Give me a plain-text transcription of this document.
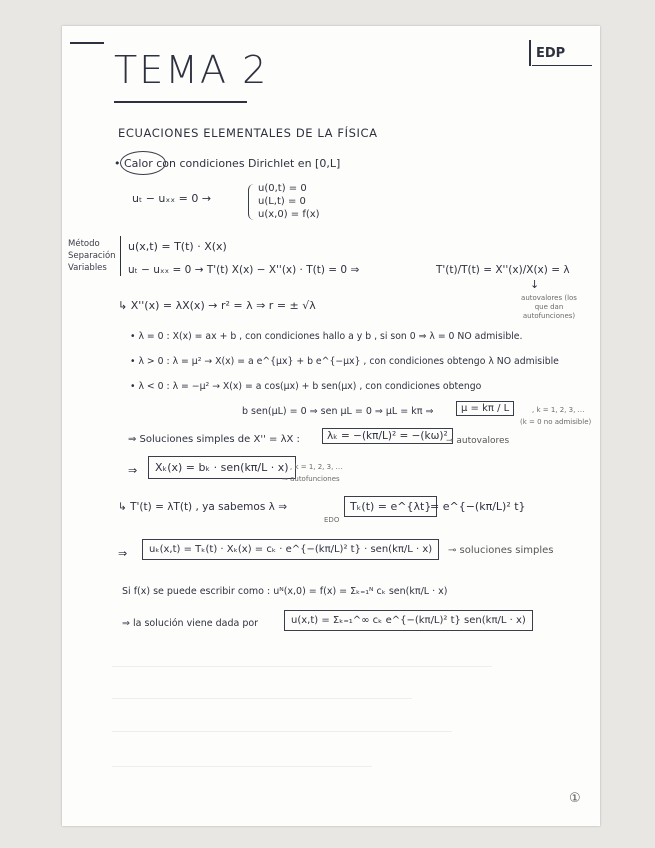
TEMA 2	EDP
ECUACIONES ELEMENTALES DE LA FÍSICA
• Calor con condiciones Dirichlet en [0,L]
uₜ − uₓₓ = 0 →
u(0,t) = 0
u(L,t) = 0
u(x,0) = f(x)
Método Separación Variables
u(x,t) = T(t) · X(x)
uₜ − uₓₓ = 0 → T'(t) X(x) − X''(x) · T(t) = 0 ⇒	T'(t)/T(t) = X''(x)/X(x) = λ
↓
autovalores (los que dan autofunciones)
↳ X''(x) = λX(x) → r² = λ ⇒ r = ± √λ
• λ = 0 : X(x) = ax + b , con condiciones hallo a y b , si son 0 ⇒ λ = 0 NO admisible.
• λ > 0 : λ = μ² → X(x) = a e^{μx} + b e^{−μx} , con condiciones obtengo λ NO admisible
• λ < 0 : λ = −μ² → X(x) = a cos(μx) + b sen(μx) , con condiciones obtengo
b sen(μL) = 0 ⇒ sen μL = 0 ⇒ μL = kπ ⇒	μ = kπ / L	, k = 1, 2, 3, …
(k = 0 no admisible)
⇒ Soluciones simples de X'' = λX :	λₖ = −(kπ/L)² = −(kω)²
⊸ autovalores
⇒	Xₖ(x) = bₖ · sen(kπ/L · x) , k = 1, 2, 3, …
⊸ autofunciones
↳ T'(t) = λT(t) , ya sabemos λ ⇒
EDO
Tₖ(t) = e^{λt}
= e^{−(kπ/L)² t}
⇒	uₖ(x,t) = Tₖ(t) · Xₖ(x) = cₖ · e^{−(kπ/L)² t} · sen(kπ/L · x)	⊸ soluciones simples
Si f(x) se puede escribir como : uᴺ(x,0) = f(x) = Σₖ₌₁ᴺ cₖ sen(kπ/L · x)
⇒ la solución viene dada por	u(x,t) = Σₖ₌₁^∞ cₖ e^{−(kπ/L)² t} sen(kπ/L · x)
①
